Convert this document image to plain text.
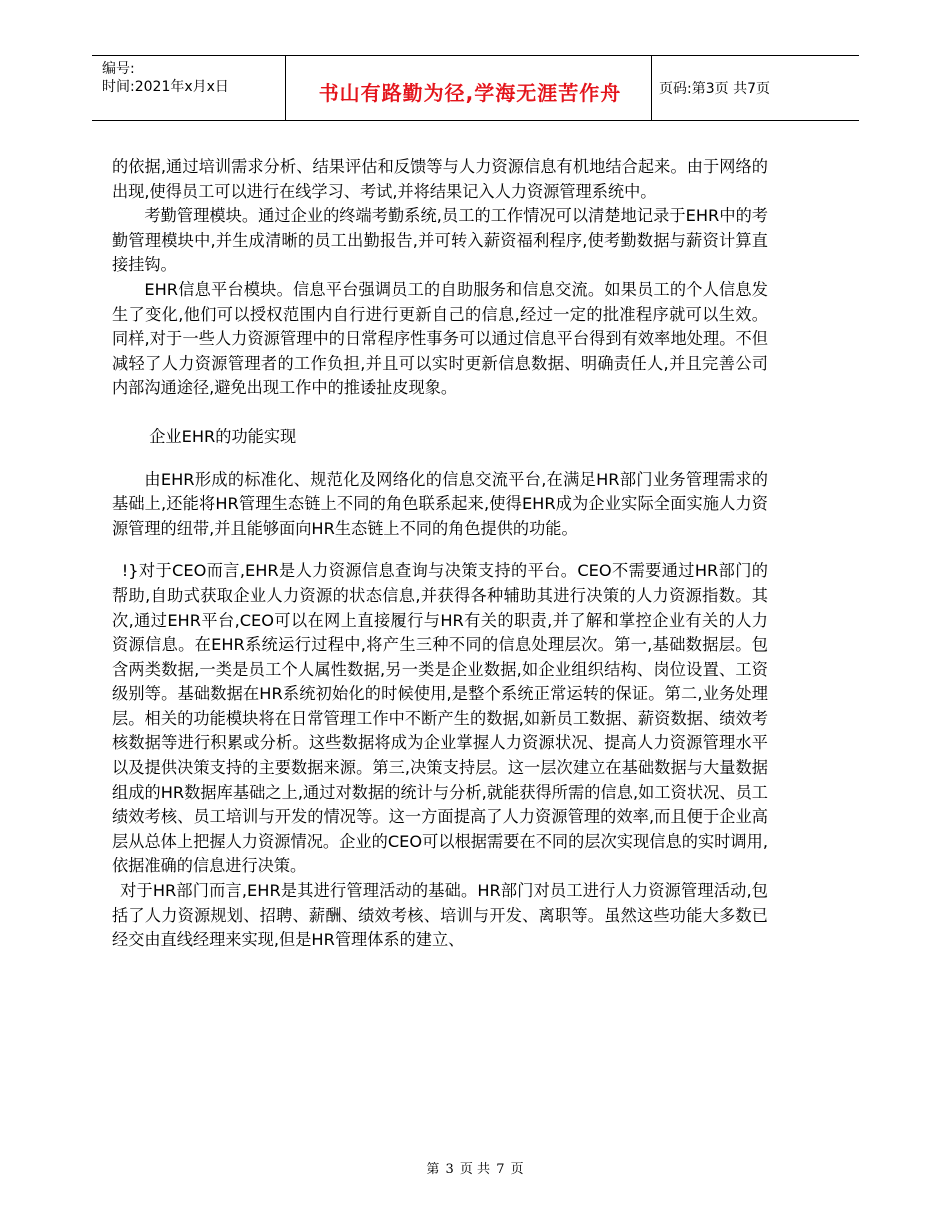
编号:
时间:2021年x月x日	书山有路勤为径,学海无涯苦作舟	页码:第3页 共7页

的依据,通过培训需求分析、结果评估和反馈等与人力资源信息有机地结合起来。由于网络的出现,使得员工可以进行在线学习、考试,并将结果记入人力资源管理系统中。

考勤管理模块。通过企业的终端考勤系统,员工的工作情况可以清楚地记录于EHR中的考勤管理模块中,并生成清晰的员工出勤报告,并可转入薪资福利程序,使考勤数据与薪资计算直接挂钩。

EHR信息平台模块。信息平台强调员工的自助服务和信息交流。如果员工的个人信息发生了变化,他们可以授权范围内自行进行更新自己的信息,经过一定的批准程序就可以生效。同样,对于一些人力资源管理中的日常程序性事务可以通过信息平台得到有效率地处理。不但减轻了人力资源管理者的工作负担,并且可以实时更新信息数据、明确责任人,并且完善公司内部沟通途径,避免出现工作中的推诿扯皮现象。

企业EHR的功能实现

由EHR形成的标准化、规范化及网络化的信息交流平台,在满足HR部门业务管理需求的基础上,还能将HR管理生态链上不同的角色联系起来,使得EHR成为企业实际全面实施人力资源管理的纽带,并且能够面向HR生态链上不同的角色提供的功能。

!}对于CEO而言,EHR是人力资源信息查询与决策支持的平台。CEO不需要通过HR部门的帮助,自助式获取企业人力资源的状态信息,并获得各种辅助其进行决策的人力资源指数。其次,通过EHR平台,CEO可以在网上直接履行与HR有关的职责,并了解和掌控企业有关的人力资源信息。在EHR系统运行过程中,将产生三种不同的信息处理层次。第一,基础数据层。包含两类数据,一类是员工个人属性数据,另一类是企业数据,如企业组织结构、岗位设置、工资级别等。基础数据在HR系统初始化的时候使用,是整个系统正常运转的保证。第二,业务处理层。相关的功能模块将在日常管理工作中不断产生的数据,如新员工数据、薪资数据、绩效考核数据等进行积累或分析。这些数据将成为企业掌握人力资源状况、提高人力资源管理水平以及提供决策支持的主要数据来源。第三,决策支持层。这一层次建立在基础数据与大量数据组成的HR数据库基础之上,通过对数据的统计与分析,就能获得所需的信息,如工资状况、员工绩效考核、员工培训与开发的情况等。这一方面提高了人力资源管理的效率,而且便于企业高层从总体上把握人力资源情况。企业的CEO可以根据需要在不同的层次实现信息的实时调用,依据准确的信息进行决策。

对于HR部门而言,EHR是其进行管理活动的基础。HR部门对员工进行人力资源管理活动,包括了人力资源规划、招聘、薪酬、绩效考核、培训与开发、离职等。虽然这些功能大多数已经交由直线经理来实现,但是HR管理体系的建立、

第 3 页 共 7 页
